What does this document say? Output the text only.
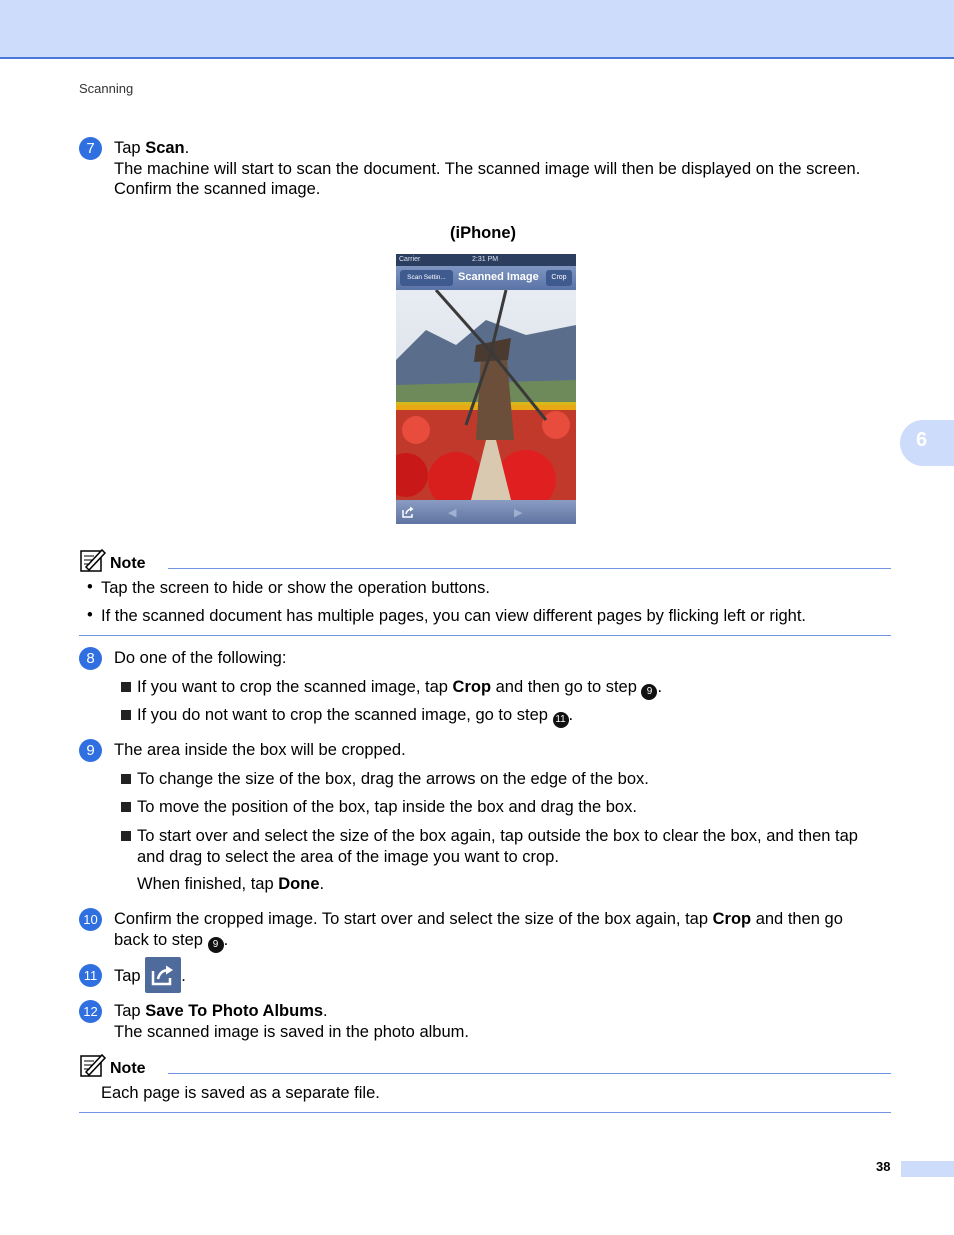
Scanning
6
7	Tap Scan.
The machine will start to scan the document. The scanned image will then be displayed on the screen.
Confirm the scanned image.
(iPhone)
Carrier	2:31 PM
Scan Settin...	Scanned Image	Crop
◀	▶
Note
• Tap the screen to hide or show the operation buttons.
• If the scanned document has multiple pages, you can view different pages by flicking left or right.
8	Do one of the following:
If you want to crop the scanned image, tap Crop and then go to step 9 .
If you do not want to crop the scanned image, go to step 11 .
9	The area inside the box will be cropped.
To change the size of the box, drag the arrows on the edge of the box.
To move the position of the box, tap inside the box and drag the box.
To start over and select the size of the box again, tap outside the box to clear the box, and then tap
and drag to select the area of the image you want to crop.
When finished, tap Done.
10 Confirm the cropped image. To start over and select the size of the box again, tap Crop and then go
back to step 9 .
11 Tap
.
12 Tap Save To Photo Albums.
The scanned image is saved in the photo album.
Note
Each page is saved as a separate file.
38
